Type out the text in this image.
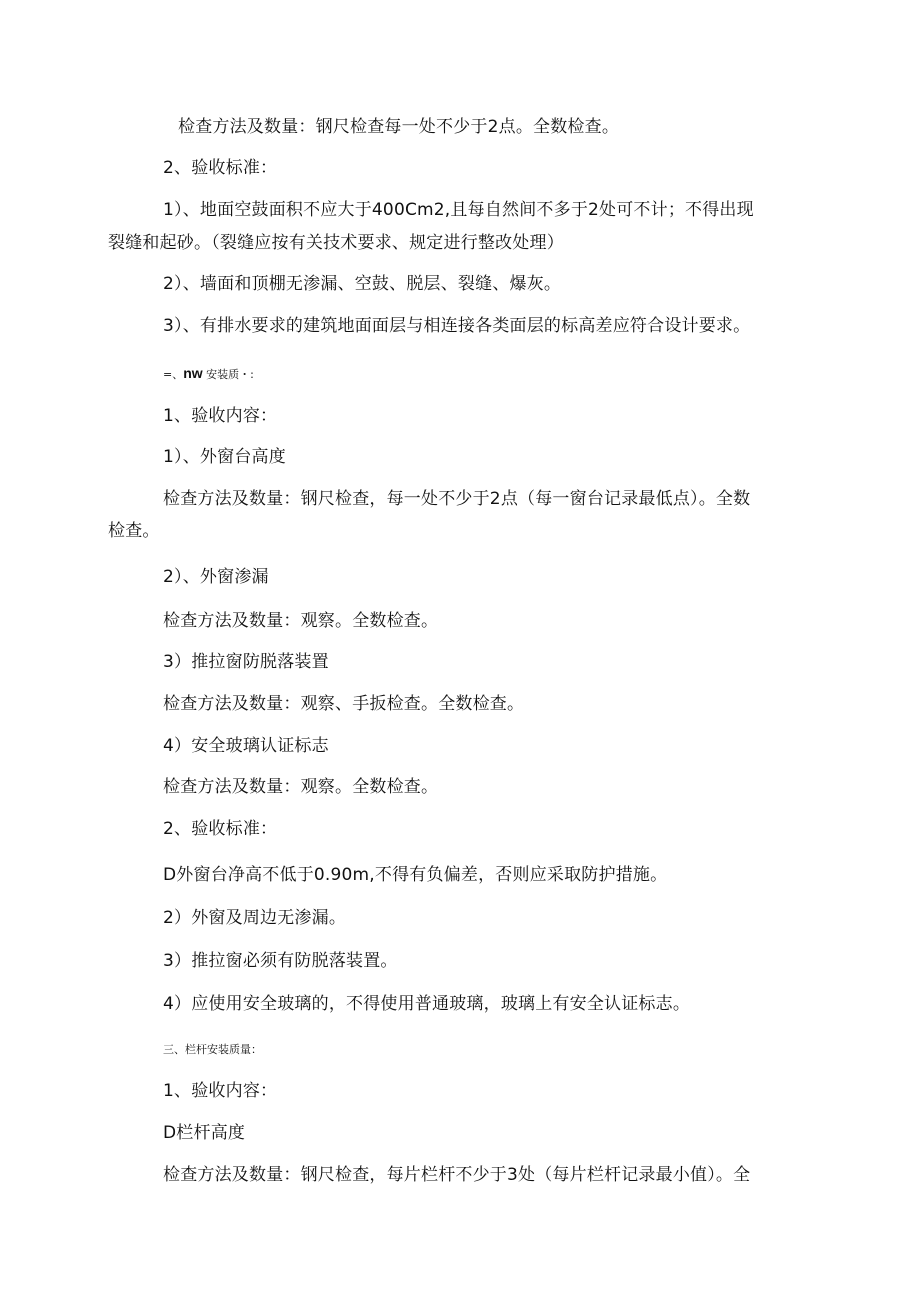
检查方法及数量：钢尺检查每一处不少于2点。全数检查。
2、验收标准：
1）、地面空鼓面积不应大于400Cm2,且每自然间不多于2处可不计；不得出现
裂缝和起砂。（裂缝应按有关技术要求、规定进行整改处理）
2）、墙面和顶棚无渗漏、空鼓、脱层、裂缝、爆灰。
3）、有排水要求的建筑地面面层与相连接各类面层的标高差应符合设计要求。
=、nw 安装质・:
1、验收内容：
1）、外窗台高度
检查方法及数量：钢尺检查，每一处不少于2点（每一窗台记录最低点）。全数
检查。
2）、外窗渗漏
检查方法及数量：观察。全数检查。
3）推拉窗防脱落装置
检查方法及数量：观察、手扳检查。全数检查。
4）安全玻璃认证标志
检查方法及数量：观察。全数检查。
2、验收标准：
D外窗台净高不低于0.90m,不得有负偏差，否则应采取防护措施。
2）外窗及周边无渗漏。
3）推拉窗必须有防脱落装置。
4）应使用安全玻璃的，不得使用普通玻璃，玻璃上有安全认证标志。
三、栏杆安装质量：
1、验收内容：
D栏杆高度
检查方法及数量：钢尺检查，每片栏杆不少于3处（每片栏杆记录最小值）。全
